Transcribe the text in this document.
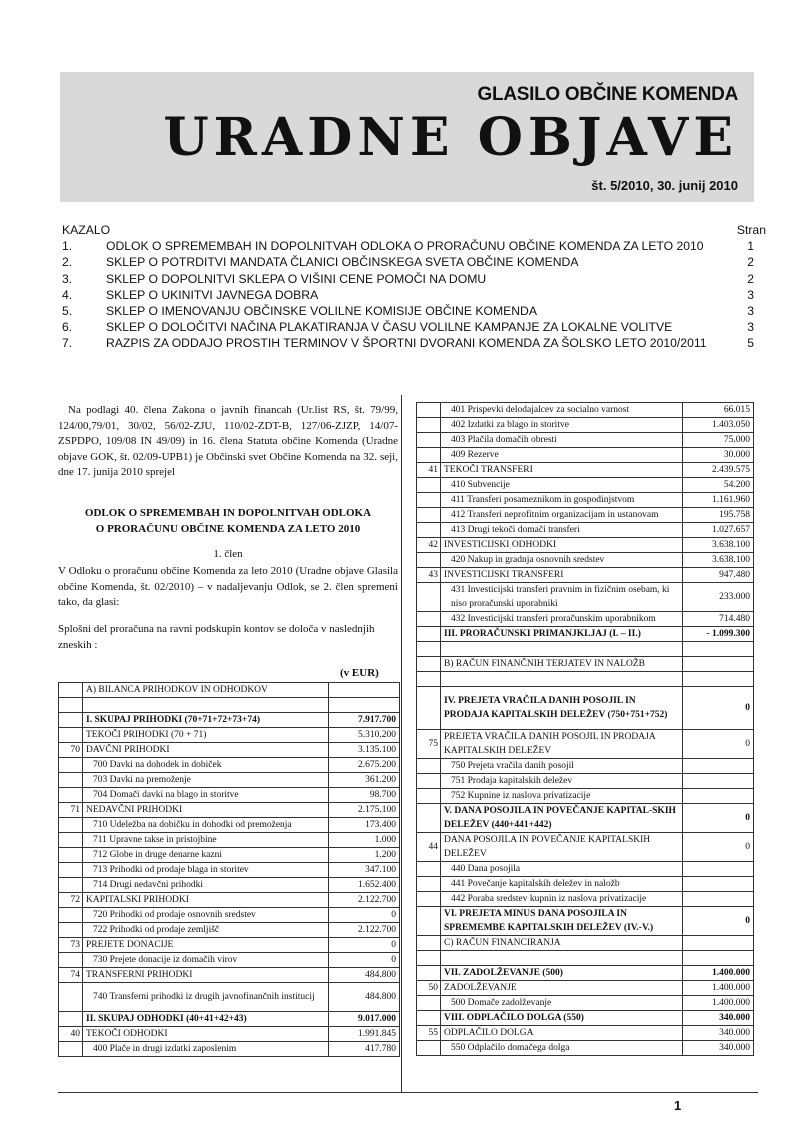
GLASILO OBČINE KOMENDA
URADNE OBJAVE
št. 5/2010, 30. junij 2010
KAZALO	Stran
1.	ODLOK O SPREMEMBAH IN DOPOLNITVAH ODLOKA O PRORAČUNU OBČINE KOMENDA ZA LETO 2010	1
2.	SKLEP O POTRDITVI MANDATA ČLANICI OBČINSKEGA SVETA OBČINE KOMENDA	2
3.	SKLEP O DOPOLNITVI SKLEPA O VIŠINI CENE POMOČI NA DOMU	2
4.	SKLEP O UKINITVI JAVNEGA DOBRA	3
5.	SKLEP O IMENOVANJU OBČINSKE VOLILNE KOMISIJE OBČINE KOMENDA	3
6.	SKLEP O DOLOČITVI NAČINA PLAKATIRANJA V ČASU VOLILNE KAMPANJE ZA LOKALNE VOLITVE	3
7.	RAZPIS ZA ODDAJO PROSTIH TERMINOV V ŠPORTNI DVORANI KOMENDA ZA ŠOLSKO LETO 2010/2011	5

Na podlagi 40. člena Zakona o javnih financah (Ur.list RS, št. 79/99, 124/00,79/01, 30/02, 56/02-ZJU, 110/02-ZDT-B, 127/06-ZJZP, 14/07-ZSPDPO, 109/08 IN 49/09) in 16. člena Statuta občine Komenda (Uradne objave GOK, št. 02/09-UPB1) je Občinski svet Občine Komenda na 32. seji, dne 17. junija 2010 sprejel

ODLOK O SPREMEMBAH IN DOPOLNITVAH ODLOKA
O PRORAČUNU OBČINE KOMENDA ZA LETO 2010
1. člen
V Odloku o proračunu občine Komenda za leto 2010 (Uradne objave Glasila občine Komenda, št. 02/2010) – v nadaljevanju Odlok, se 2. člen spremeni tako, da glasi:
Splošni del proračuna na ravni podskupin kontov se določa v naslednjih zneskih :
(v EUR)
	A) BILANCA PRIHODKOV IN ODHODKOV	

	I. SKUPAJ PRIHODKI (70+71+72+73+74)	7.917.700
	TEKOČI PRIHODKI (70 + 71)	5.310.200
70	DAVČNI PRIHODKI	3.135.100
	700 Davki na dohodek in dobiček	2.675.200
	703 Davki na premoženje	361.200
	704 Domači davki na blago in storitve	98.700
71	NEDAVČNI PRIHODKI	2.175.100
	710 Udeležba na dobičku in dohodki od premoženja	173.400
	711 Upravne takse in pristojbine	1.000
	712 Globe in druge denarne kazni	1.200
	713 Prihodki od prodaje blaga in storitev	347.100
	714 Drugi nedavčni prihodki	1.652.400
72	KAPITALSKI PRIHODKI	2.122.700
	720 Prihodki od prodaje osnovnih sredstev	0
	722 Prihodki od prodaje zemljišč	2.122.700
73	PREJETE DONACIJE	0
	730 Prejete donacije iz domačih virov	0
74	TRANSFERNI PRIHODKI	484.800
	740 Transferni prihodki iz drugih javnofinančnih institucij	484.800
	II. SKUPAJ ODHODKI (40+41+42+43)	9.017.000
40	TEKOČI ODHODKI	1.991.845
	400 Plače in drugi izdatki zaposlenim	417.780
	401 Prispevki delodajalcev za socialno varnost	66.015
	402 Izdatki za blago in storitve	1.403.050
	403 Plačila domačih obresti	75.000
	409 Rezerve	30.000
41	TEKOČI TRANSFERI	2.439.575
	410 Subvencije	54.200
	411 Transferi posameznikom in gospodinjstvom	1.161.960
	412 Transferi neprofitnim organizacijam in ustanovam	195.758
	413 Drugi tekoči domači transferi	1.027.657
42	INVESTICIJSKI ODHODKI	3.638.100
	420 Nakup in gradnja osnovnih sredstev	3.638.100
43	INVESTICIJSKI TRANSFERI	947.480
	431 Investicijski transferi pravnim in fizičnim osebam, ki niso proračunski uporabniki	233.000
	432 Investicijski transferi proračunskim uporabnikom	714.480
	III. PRORAČUNSKI PRIMANJKLJAJ (I. – II.)	- 1.099.300

	B) RAČUN FINANČNIH TERJATEV IN NALOŽB	

	IV. PREJETA VRAČILA DANIH POSOJIL IN PRODAJA KAPITALSKIH DELEŽEV (750+751+752)	0
75	PREJETA VRAČILA DANIH POSOJIL IN PRODAJA KAPITALSKIH DELEŽEV	0
	750 Prejeta vračila danih posojil	
	751 Prodaja kapitalskih deležev	
	752 Kupnine iz naslova privatizacije	
	V. DANA POSOJILA IN POVEČANJE KAPITAL-SKIH DELEŽEV (440+441+442)	0
44	DANA POSOJILA IN POVEČANJE KAPITALSKIH DELEŽEV	0
	440 Dana posojila	
	441 Povečanje kapitalskih deležev in naložb	
	442 Poraba sredstev kupnin iz naslova privatizacije	
	VI. PREJETA MINUS DANA POSOJILA IN SPREMEMBE KAPITALSKIH DELEŽEV (IV.-V.)	0
	C) RAČUN FINANCIRANJA	

	VII. ZADOLŽEVANJE (500)	1.400.000
50	ZADOLŽEVANJE	1.400.000
	500 Domače zadolževanje	1.400.000
	VIII. ODPLAČILO DOLGA (550)	340.000
55	ODPLAČILO DOLGA	340.000
	550 Odplačilo domačega dolga	340.000
1
